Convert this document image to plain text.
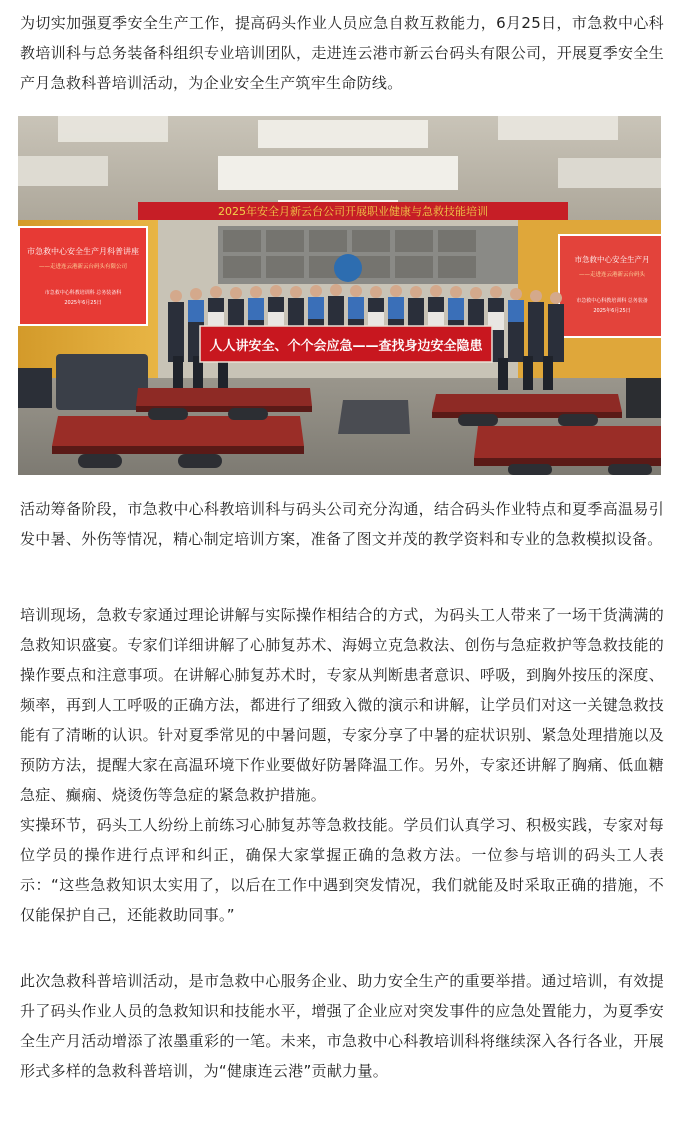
为切实加强夏季安全生产工作，提高码头作业人员应急自救互救能力，6月25日，市急救中心科教培训科与总务装备科组织专业培训团队，走进连云港市新云台码头有限公司，开展夏季安全生产月急救科普培训活动，为企业安全生产筑牢生命防线。

2025年安全月新云台公司开展职业健康与急救技能培训
市急救中心安全生产月科普讲座
——走进连云港新云台码头有限公司
市急救中心科教培训科 总务装备科
2025年6月25日
市急救中心安全生产月
——走进连云港新云台码头
市急救中心科教培训科 总务装备
2025年6月25日
人人讲安全、个个会应急——查找身边安全隐患

活动筹备阶段，市急救中心科教培训科与码头公司充分沟通，结合码头作业特点和夏季高温易引发中暑、外伤等情况，精心制定培训方案，准备了图文并茂的教学资料和专业的急救模拟设备。

培训现场，急救专家通过理论讲解与实际操作相结合的方式，为码头工人带来了一场干货满满的急救知识盛宴。专家们详细讲解了心肺复苏术、海姆立克急救法、创伤与急症救护等急救技能的操作要点和注意事项。在讲解心肺复苏术时，专家从判断患者意识、呼吸，到胸外按压的深度、频率，再到人工呼吸的正确方法，都进行了细致入微的演示和讲解，让学员们对这一关键急救技能有了清晰的认识。针对夏季常见的中暑问题，专家分享了中暑的症状识别、紧急处理措施以及预防方法，提醒大家在高温环境下作业要做好防暑降温工作。另外，专家还讲解了胸痛、低血糖急症、癫痫、烧烫伤等急症的紧急救护措施。

实操环节，码头工人纷纷上前练习心肺复苏等急救技能。学员们认真学习、积极实践，专家对每位学员的操作进行点评和纠正，确保大家掌握正确的急救方法。一位参与培训的码头工人表示：“这些急救知识太实用了，以后在工作中遇到突发情况，我们就能及时采取正确的措施，不仅能保护自己，还能救助同事。”

此次急救科普培训活动，是市急救中心服务企业、助力安全生产的重要举措。通过培训，有效提升了码头作业人员的急救知识和技能水平，增强了企业应对突发事件的应急处置能力，为夏季安全生产月活动增添了浓墨重彩的一笔。未来，市急救中心科教培训科将继续深入各行各业，开展形式多样的急救科普培训，为“健康连云港”贡献力量。
